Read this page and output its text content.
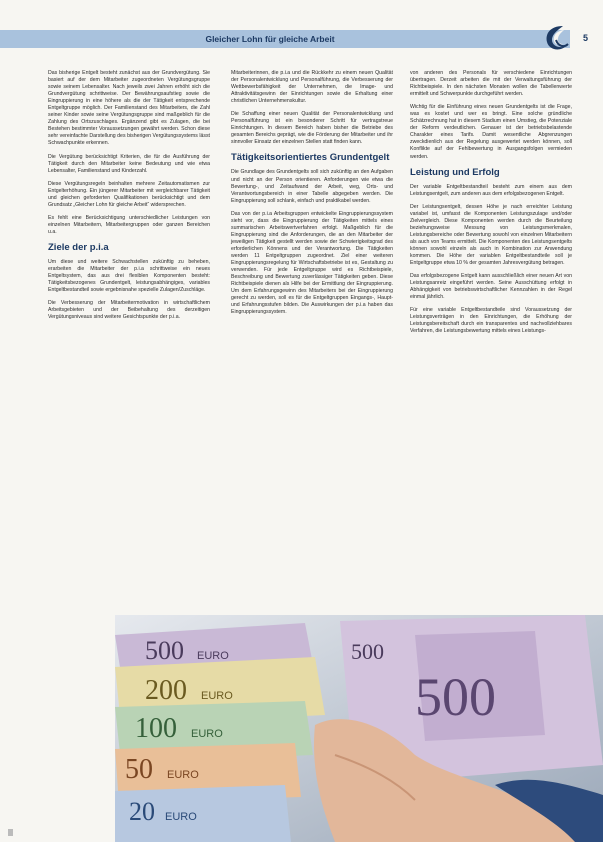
Gleicher Lohn für gleiche Arbeit	5

Das bisherige Entgelt besteht zunächst aus der Grundvergütung. Sie basiert auf der dem Mitarbeiter zugeordneten Vergütungsgruppe sowie seinem Lebensalter. Nach jeweils zwei Jahren erhöht sich die Grundvergütung schrittweise. Der Bewährungsaufstieg sowie die Eingruppierung in eine höhere als die der Tätigkeit entsprechende Entgeltgruppe möglich. Der Familienstand des Mitarbeiters, die Zahl seiner Kinder sowie seine Vergütungsgruppe sind maßgeblich für die Zahlung des Ortszuschlages. Ergänzend gibt es Zulagen, die bei Bestehen bestimmter Voraussetzungen gewährt werden. Schon diese sehr vereinfachte Darstellung des bisherigen Vergütungssystems lässt Schwachpunkte erkennen.

Die Vergütung berücksichtigt Kriterien, die für die Ausführung der Tätigkeit durch den Mitarbeiter keine Bedeutung und wie etwa Lebensalter, Familienstand und Kinderzahl.

Diese Vergütungsregeln beinhalten mehrere Zeitautomatismen zur Entgelterhöhung. Ein jüngerer Mitarbeiter mit vergleichbarer Tätigkeit und gleichen geforderten Qualifikationen berücksichtigt und dem Grundsatz „Gleicher Lohn für gleiche Arbeit“ widersprechen.

Es fehlt eine Berücksichtigung unterschiedlicher Leistungen von einzelnen Mitarbeitern, Mitarbeitergruppen oder ganzen Bereichen u.a.

Ziele der p.i.a

Um diese und weitere Schwachstellen zukünftig zu beheben, erarbeiten die Mitarbeiter der p.i.a schrittweise ein neues Entgeltsystem, das aus drei flexiblen Komponenten besteht: Tätigkeitsbezogenes Grundentgelt, leistungsabhängiges, variables Entgeltbestandteil sowie ergebnisnahe spezielle Zulagen/Zuschläge.

Die Verbesserung der Mitarbeitermotivation in wirtschaftlichem Arbeitsgebieten und der Beibehaltung des derzeitigen Vergütungsniveaus sind weitere Gesichtspunkte der p.i.a.

Mitarbeiterinnen, die p.i.a und die Rückkehr zu einem neuen Qualität der Personalentwicklung und Personalführung, die Verbesserung der Wettbewerbsfähigkeit der Unternehmen, die Image- und Attraktivitätsgewinn der Einrichtungen sowie die Erhaltung einer christlichen Unternehmenskultur.

Die Schaffung einer neuen Qualität der Personalentwicklung und Personalführung ist ein besonderer Schritt für vertragstreue Einrichtungen. In diesem Bereich haben bisher die Betriebe des gesamten Bereichs geprägt, wie die Förderung der Mitarbeiter und ihr sinnvoller Einsatz der einzelnen Stellen statt finden kann.

Tätigkeitsorientiertes Grundentgelt

Die Grundlage des Grundentgelts soll sich zukünftig an den Aufgaben und nicht an der Person orientieren. Anforderungen wie etwa die Bewertung-, und Zeitaufwand der Arbeit, weg, Orts- und Verantwortungsbereich in einer Tabelle abgegeben werden. Die Eingruppierung soll schlank, einfach und praktikabel werden.

Das von der p.i.a Arbeitsgruppen entwickelte Eingruppierungssystem sieht vor, dass die Eingruppierung der Tätigkeiten mittels eines summarischen Arbeitswertverfahren erfolgt. Maßgeblich für die Eingruppierung sind die Anforderungen, die an den Mitarbeiter der jeweiligen Tätigkeit gestellt werden sowie der Schwierigkeitsgrad des erforderlichen Könnens und der Verantwortung. Die Tätigkeiten werden 11 Entgeltgruppen zugeordnet. Ziel einer weiteren Eingruppierungsregelung für Wirtschaftsbetriebe ist es, Gestaltung zu verwenden. Für jede Entgeltgruppe wird es Richtbeispiele, Beschreibung und Bewertung zuverlässiger Tätigkeiten geben. Diese Richtbeispiele dienen als Hilfe bei der Ermittlung der Eingruppierung. Um dem Erfahrungsgewinn des Mitarbeiters bei der Eingruppierung gerecht zu werden, soll es für die Entgeltgruppen Eingangs-, Haupt- und Erfahrungsstufen bilden. Die Auswirkungen der p.i.a haben das Eingruppierungssystem.

von anderen des Personals für verschiedene Einrichtungen übertragen. Derzeit arbeiten die mit der Verwaltungsführung der Richtbeispiele. In den nächsten Monaten wollen die Tabellenwerte ermittelt und Schwerpunkte durchgeführt werden.

Wichtig für die Einführung eines neuen Grundentgelts ist die Frage, was es kostet und wer es bringt. Eine solche gründliche Schätzrechnung hat in diesem Stadium einen Umstieg, die Potenziale der Reform verdeutlichen. Genauer ist der betriebsbelastende Charakter eines Tarifs. Damit wesentliche Abgrenzungen zweckdienlich aus der Regelung ausgewertet werden können, soll Konflikte auf der Fehlbewertung in Ausgangsfolgen vermieden werden.

Leistung und Erfolg

Der variable Entgeltbestandteil besteht zum einem aus dem Leistungsentgelt, zum anderen aus dem erfolgsbezogenen Entgelt.

Der Leistungsentgelt, dessen Höhe je nach erreichter Leistung variabel ist, umfasst die Komponenten Leistungszulage und/oder Zielvergleich. Diese Komponenten werden durch die Beurteilung beziehungsweise Messung von Leistungsmerkmalen, Leistungsbereiche oder Bewertung sowohl von einzelnen Mitarbeitern als auch von Teams ermittelt. Die Komponenten des Leistungsentgelts können sowohl einzeln als auch in Kombination zur Anwendung kommen. Die Höhe der variablen Entgeltbestandteile soll je Entgeltgruppe etwa 10 % der gesamten Jahresvergütung betragen.

Das erfolgsbezogene Entgelt kann ausschließlich einer neuen Art von Leistungsanreiz eingeführt werden. Seine Ausschüttung erfolgt in Abhängigkeit von betriebswirtschaftlicher Kennzahlen in der Regel einmal jährlich.

Für eine variable Entgeltbestandteile sind Voraussetzung der Leistungsverträgen in den Einrichtungen, die Erhöhung der Leistungsbereitschaft durch ein transparentes und nachvollziehbares Verfahren, die Leistungsbewertung mittels eines Leistungs-

500 EURO
200 EURO
100 EURO
50 EURO
20 EURO
500
500
